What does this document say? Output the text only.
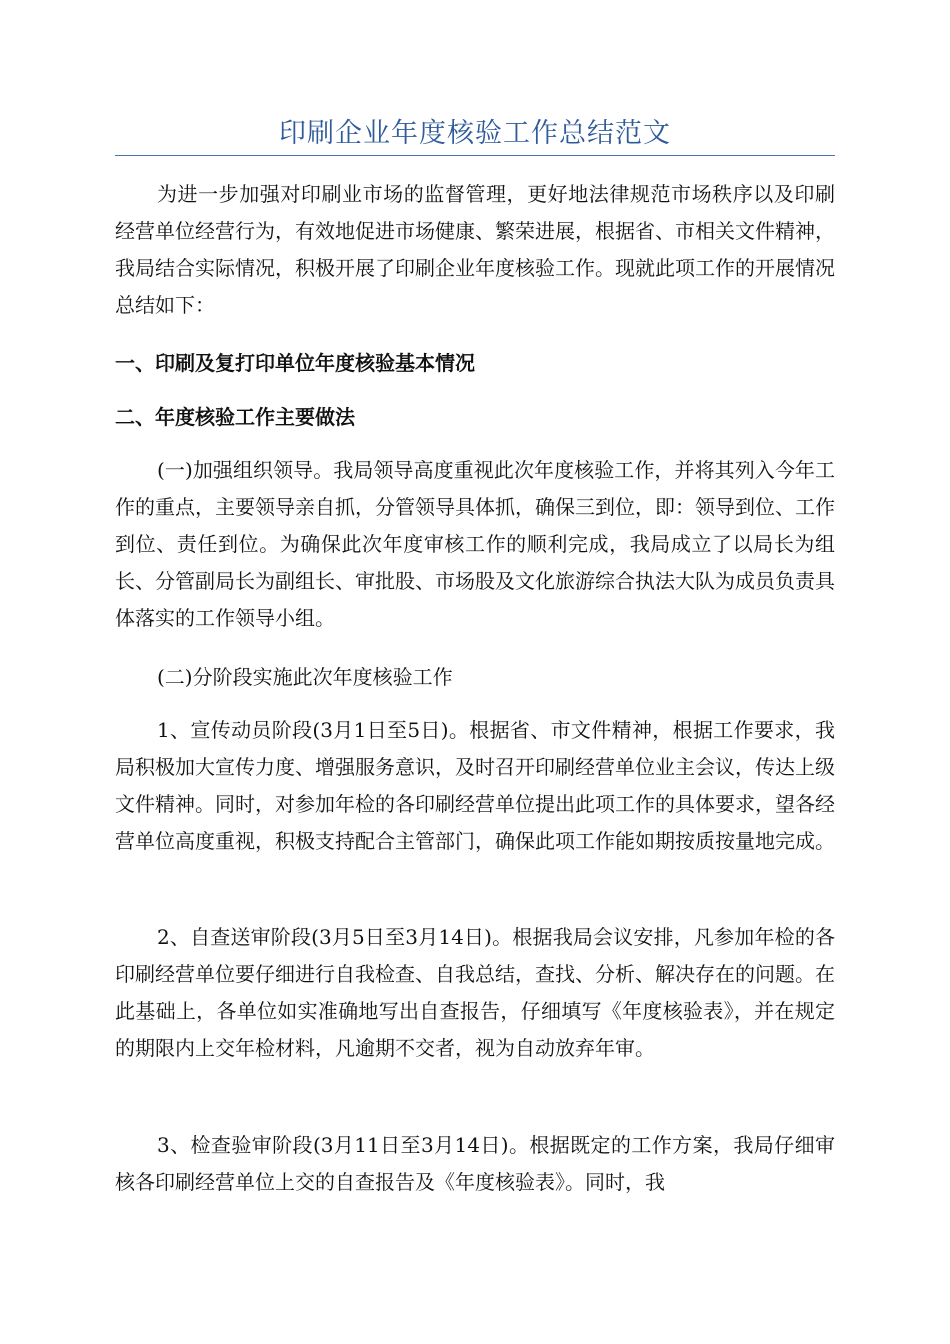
印刷企业年度核验工作总结范文

为进一步加强对印刷业市场的监督管理，更好地法律规范市场秩序以及印刷经营单位经营行为，有效地促进市场健康、繁荣进展，根据省、市相关文件精神，我局结合实际情况，积极开展了印刷企业年度核验工作。现就此项工作的开展情况总结如下：

一、印刷及复打印单位年度核验基本情况

二、年度核验工作主要做法

(一)加强组织领导。我局领导高度重视此次年度核验工作，并将其列入今年工作的重点，主要领导亲自抓，分管领导具体抓，确保三到位，即：领导到位、工作到位、责任到位。为确保此次年度审核工作的顺利完成，我局成立了以局长为组长、分管副局长为副组长、审批股、市场股及文化旅游综合执法大队为成员负责具体落实的工作领导小组。

(二)分阶段实施此次年度核验工作

1、宣传动员阶段(3月1日至5日)。根据省、市文件精神，根据工作要求，我局积极加大宣传力度、增强服务意识，及时召开印刷经营单位业主会议，传达上级文件精神。同时，对参加年检的各印刷经营单位提出此项工作的具体要求，望各经营单位高度重视，积极支持配合主管部门，确保此项工作能如期按质按量地完成。

2、自查送审阶段(3月5日至3月14日)。根据我局会议安排，凡参加年检的各印刷经营单位要仔细进行自我检查、自我总结，查找、分析、解决存在的问题。在此基础上，各单位如实准确地写出自查报告，仔细填写《年度核验表》，并在规定的期限内上交年检材料，凡逾期不交者，视为自动放弃年审。

3、检查验审阶段(3月11日至3月14日)。根据既定的工作方案，我局仔细审核各印刷经营单位上交的自查报告及《年度核验表》。同时，我
